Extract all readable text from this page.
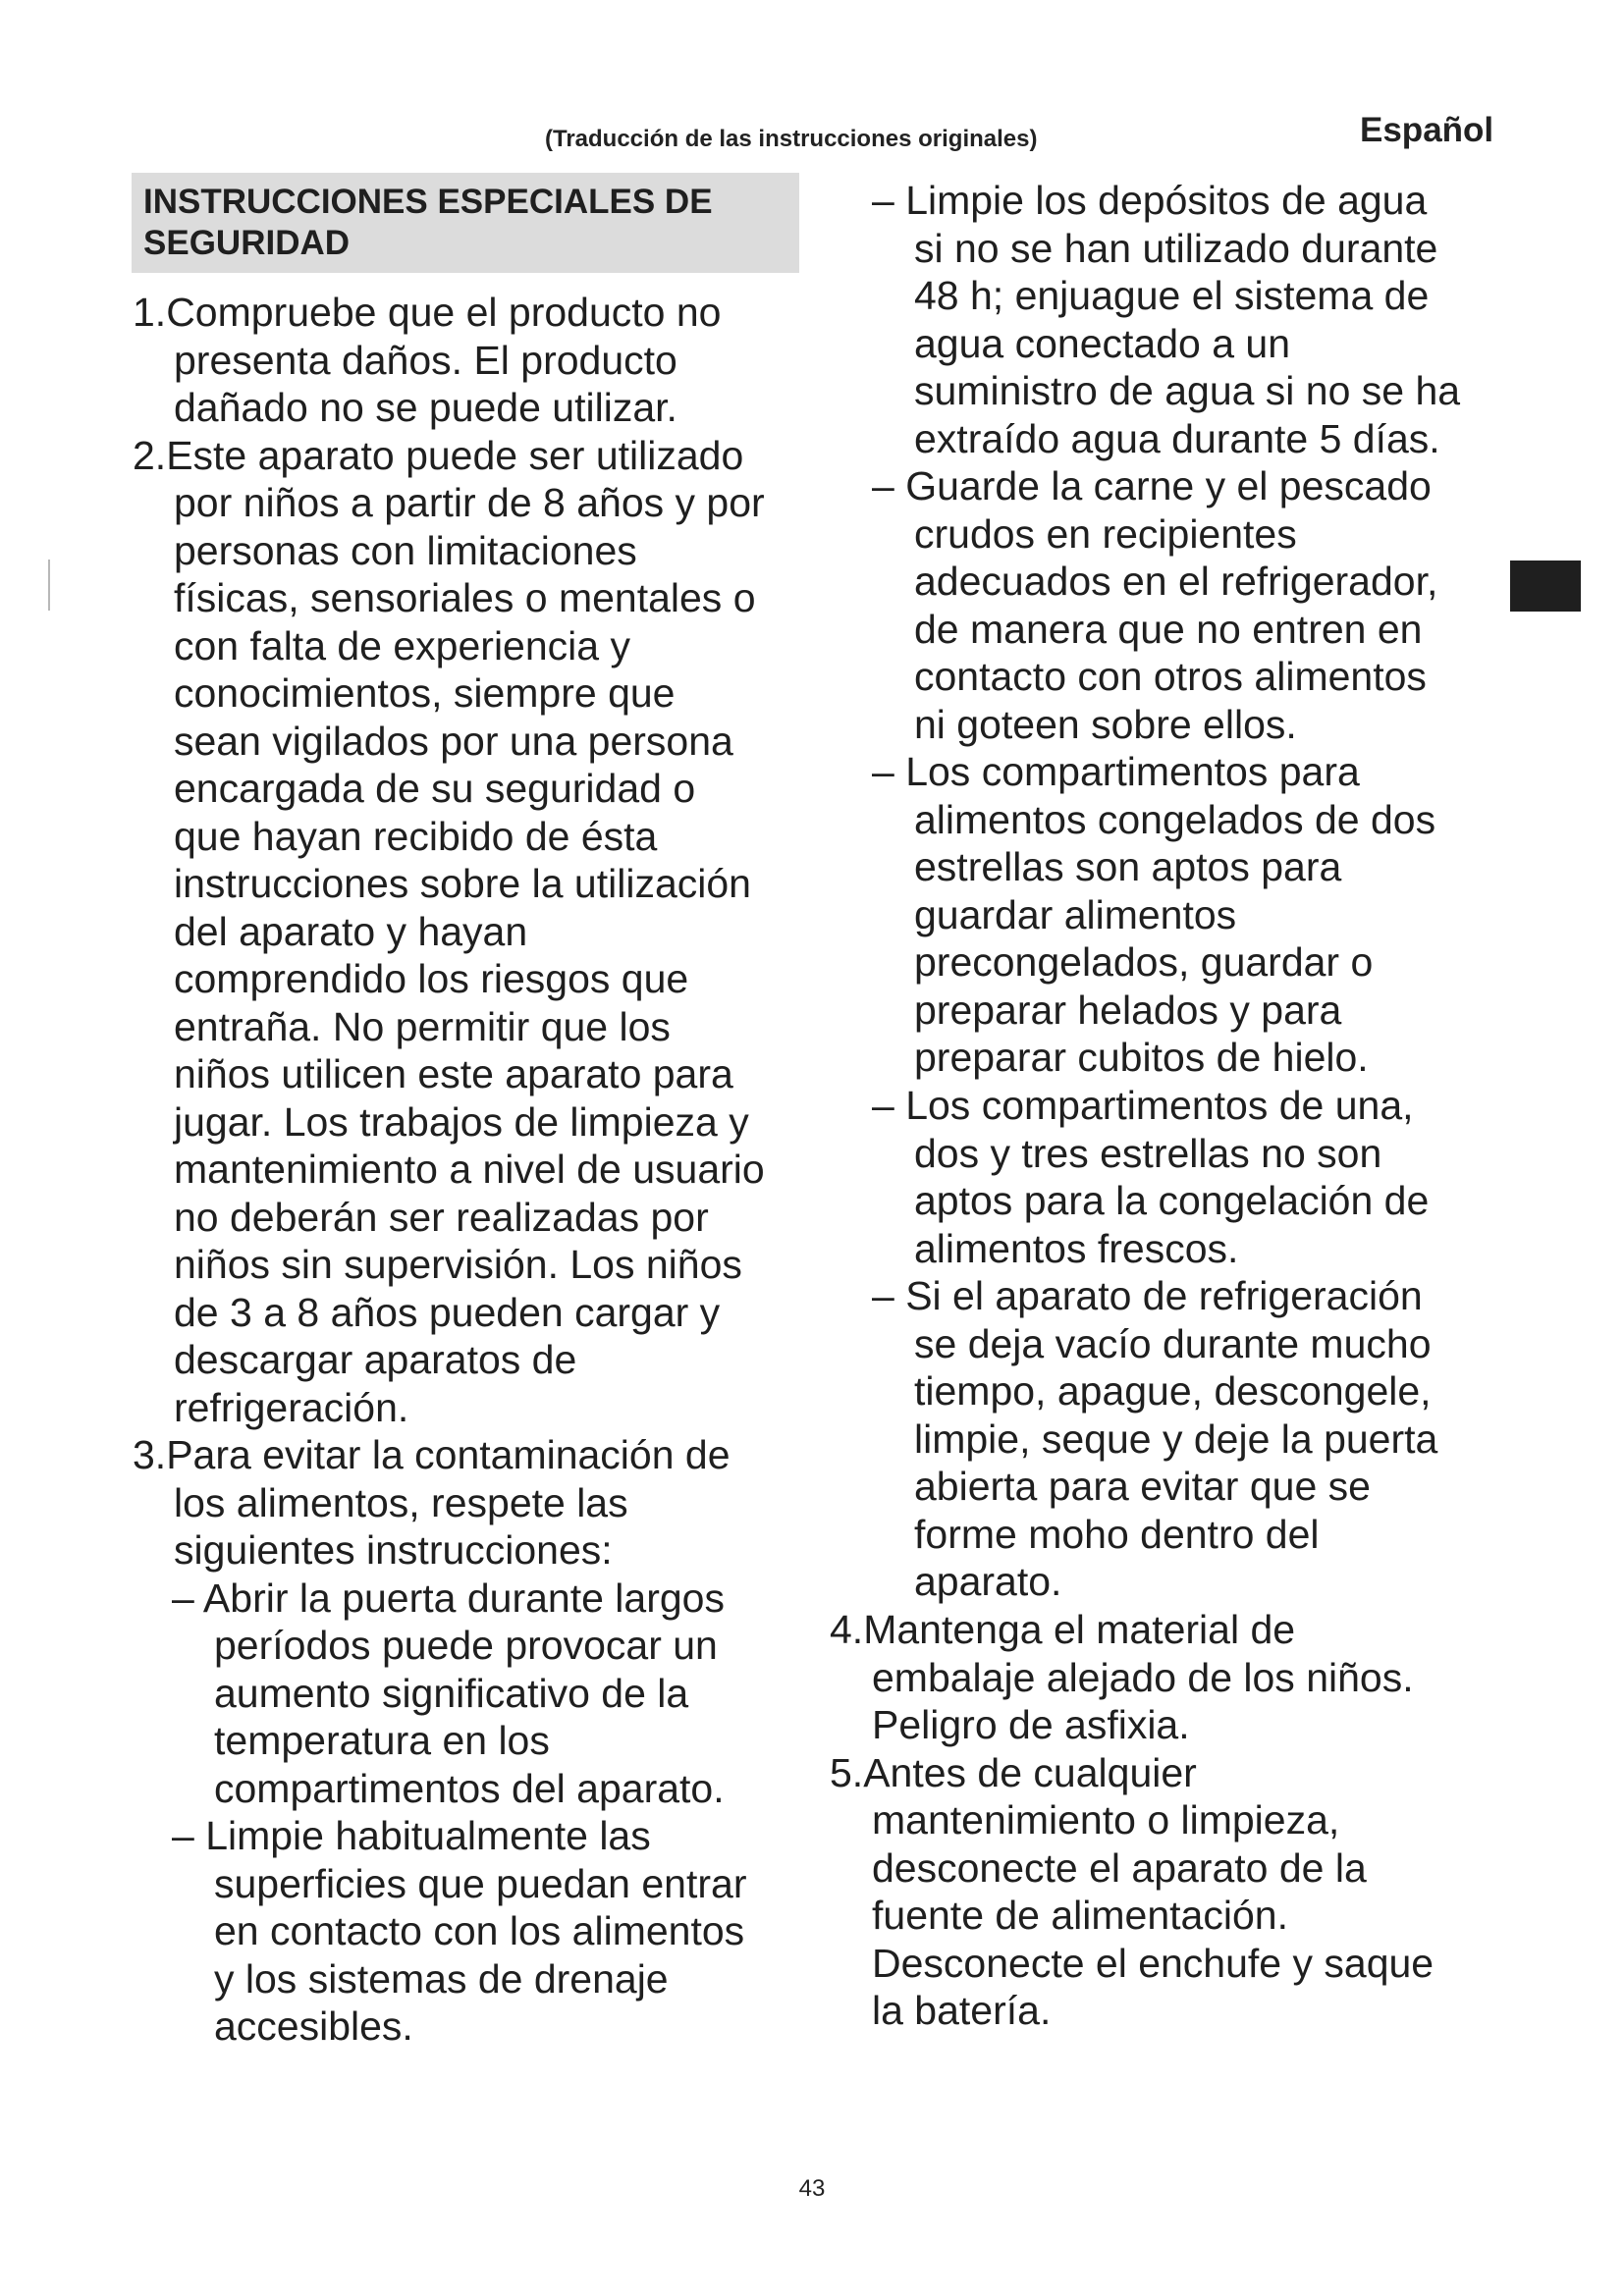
(Traducción de las instrucciones originales)	Español
INSTRUCCIONES ESPECIALES DE
SEGURIDAD
1.Compruebe que el producto no
presenta daños. El producto
dañado no se puede utilizar.
2.Este aparato puede ser utilizado
por niños a partir de 8 años y por
personas con limitaciones
físicas, sensoriales o mentales o
con falta de experiencia y
conocimientos, siempre que
sean vigilados por una persona
encargada de su seguridad o
que hayan recibido de ésta
instrucciones sobre la utilización
del aparato y hayan
comprendido los riesgos que
entraña. No permitir que los
niños utilicen este aparato para
jugar. Los trabajos de limpieza y
mantenimiento a nivel de usuario
no deberán ser realizadas por
niños sin supervisión. Los niños
de 3 a 8 años pueden cargar y
descargar aparatos de
refrigeración.
3.Para evitar la contaminación de
los alimentos, respete las
siguientes instrucciones:
– Abrir la puerta durante largos
períodos puede provocar un
aumento significativo de la
temperatura en los
compartimentos del aparato.
– Limpie habitualmente las
superficies que puedan entrar
en contacto con los alimentos
y los sistemas de drenaje
accesibles.
– Limpie los depósitos de agua
si no se han utilizado durante
48 h; enjuague el sistema de
agua conectado a un
suministro de agua si no se ha
extraído agua durante 5 días.
– Guarde la carne y el pescado
crudos en recipientes
adecuados en el refrigerador,
de manera que no entren en
contacto con otros alimentos
ni goteen sobre ellos.
– Los compartimentos para
alimentos congelados de dos
estrellas son aptos para
guardar alimentos
precongelados, guardar o
preparar helados y para
preparar cubitos de hielo.
– Los compartimentos de una,
dos y tres estrellas no son
aptos para la congelación de
alimentos frescos.
– Si el aparato de refrigeración
se deja vacío durante mucho
tiempo, apague, descongele,
limpie, seque y deje la puerta
abierta para evitar que se
forme moho dentro del
aparato.
4.Mantenga el material de
embalaje alejado de los niños.
Peligro de asfixia.
5.Antes de cualquier
mantenimiento o limpieza,
desconecte el aparato de la
fuente de alimentación.
Desconecte el enchufe y saque
la batería.
43
